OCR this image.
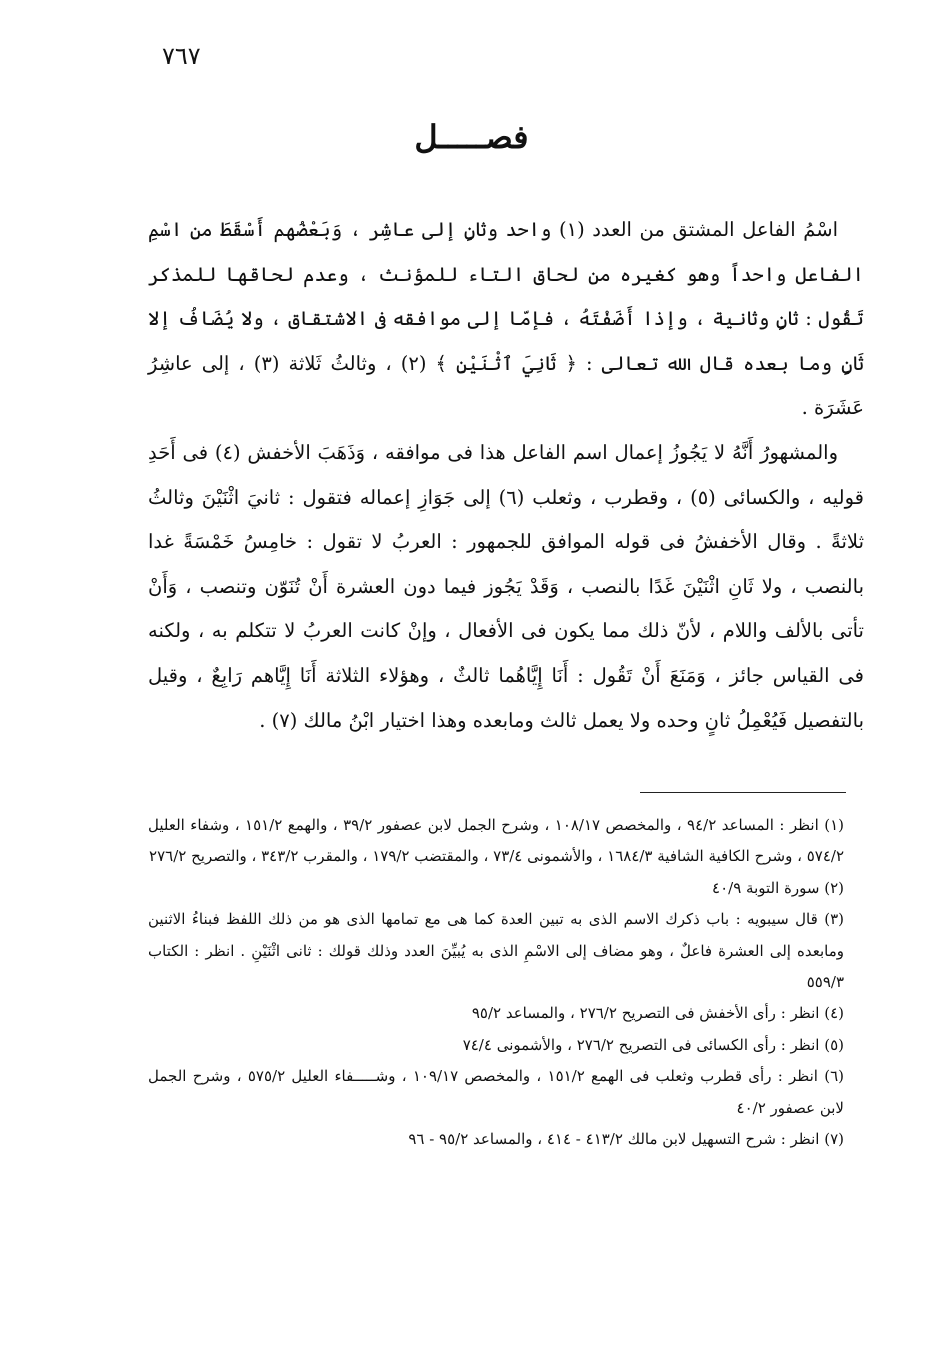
٧٦٧
فصـــــل

اسْمُ الفاعل المشتق من العدد (١) واحد وثانٍ إلى عاشِر ، وَبَعْضُهم أَسْقَطَ من اسْمِ الفاعل واحداً وهو كغيره من لحاق التاء للمؤنث ، وعدم لحاقها للمذكر تَقُول : ثانٍ وثانية ، وإذا أَضَفْتَهُ ، فإمّا إلى موافقه فى الاشتقاق ، ولا يُضَافُ إلا ثَانٍ وما بعده قال الله تعالى : ﴿ ثَانِيَ ٱثْنَيْنِ ﴾ (٢) ، وثالثُ ثَلاثة (٣) ، إلى عاشِرُ عَشَرَة .

والمشهورُ أَنَّهُ لا يَجُوزُ إعمال اسم الفاعل هذا فى موافقه ، وَذَهَبَ الأخفش (٤) فى أَحَدِ قوليه ، والكسائى (٥) ، وقطرب ، وثعلب (٦) إلى جَوَازِ إعماله فتقول : ثانيَ اثْنَيْنَ وثالثُ ثلاثةً . وقال الأخفشُ فى قوله الموافق للجمهور : العربُ لا تقول : خامِسُ خَمْسَةً غدا بالنصب ، ولا ثَانِ اثْنَيْنَ غَدًا بالنصب ، وَقَدْ يَجُوز فيما دون العشرة أَنْ تُنَوّن وتنصب ، وَأَنْ تأتى بالألف واللام ، لأنّ ذلك مما يكون فى الأفعال ، وإنْ كانت العربُ لا تتكلم به ، ولكنه فى القياس جائز ، وَمَنَعَ أَنْ تَقُول : أَنَا إِيَّاهُما ثالثٌ ، وهؤلاء الثلاثة أَنَا إِيَّاهم رَابِعٌ ، وقيل بالتفصيل فَيُعْمِلُ ثانٍ وحده ولا يعمل ثالث ومابعده وهذا اختيار ابْنُ مالك (٧) .

(١) انظر : المساعد ٩٤/٢ ، والمخصص ١٠٨/١٧ ، وشرح الجمل لابن عصفور ٣٩/٢ ، والهمع ١٥١/٢ ، وشفاء العليل ٥٧٤/٢ ، وشرح الكافية الشافية ١٦٨٤/٣ ، والأشمونى ٧٣/٤ ، والمقتضب ١٧٩/٢ ، والمقرب ٣٤٣/٢ ، والتصريح ٢٧٦/٢

(٢) سورة التوبة ٤٠/٩

(٣) قال سيبويه : باب ذكرك الاسم الذى به تبين العدة كما هى مع تمامها الذى هو من ذلك اللفظ فبناءُ الاثنين ومابعده إلى العشرة فاعلٌ ، وهو مضاف إلى الاسْمِ الذى به يُبيِّنَ العدد وذلك قولك : ثانى اثْنَيْنِ . انظر : الكتاب ٥٥٩/٣

(٤) انظر : رأى الأخفش فى التصريح ٢٧٦/٢ ، والمساعد ٩٥/٢

(٥) انظر : رأى الكسائى فى التصريح ٢٧٦/٢ ، والأشمونى ٧٤/٤

(٦) انظر : رأى قطرب وثعلب فى الهمع ١٥١/٢ ، والمخصص ١٠٩/١٧ ، وشـــــفاء العليل ٥٧٥/٢ ، وشرح الجمل لابن عصفور ٤٠/٢

(٧) انظر : شرح التسهيل لابن مالك ٤١٣/٢ - ٤١٤ ، والمساعد ٩٥/٢ - ٩٦
